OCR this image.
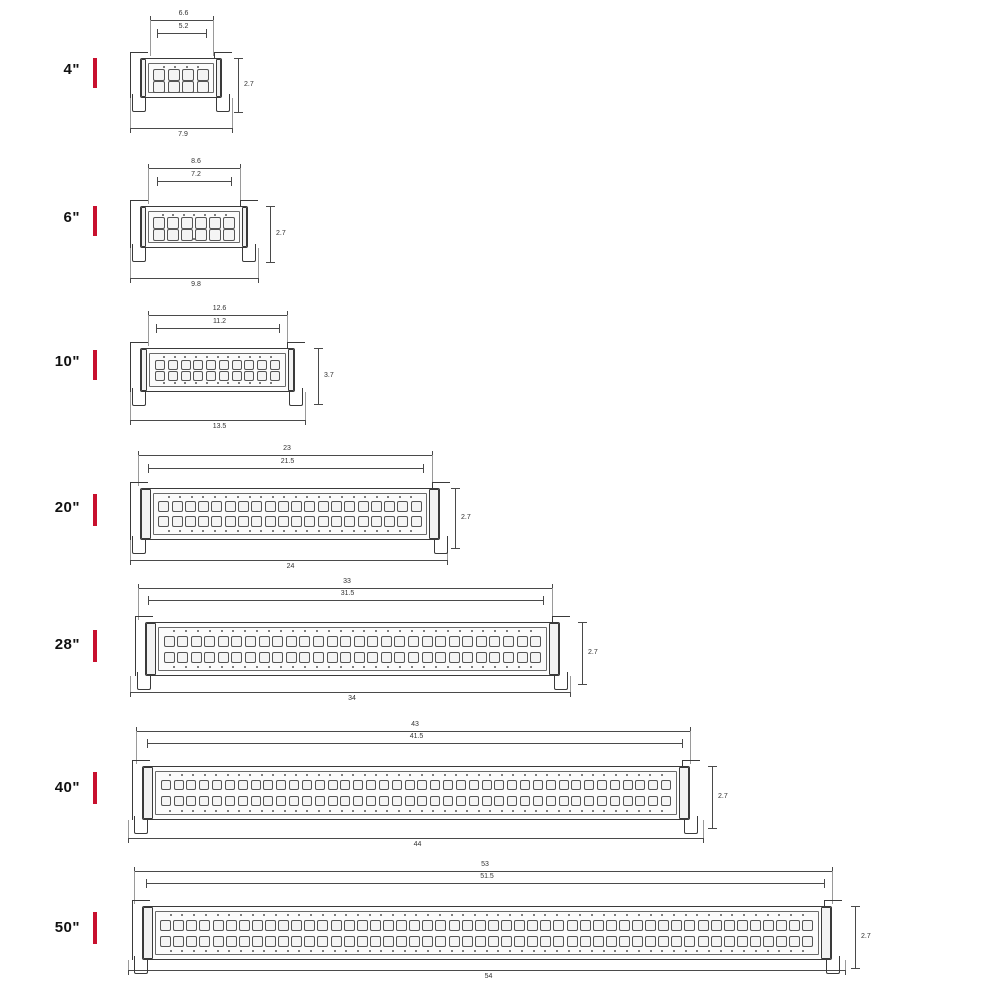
4"
6.6
5.2
7.9
2.7
6"
8.6
7.2
9.8
2.7
10"
12.6
11.2
13.5
3.7
20"
23
21.5
24
2.7
28"
33
31.5
34
2.7
40"
43
41.5
44
2.7
50"
53
51.5
54
2.7
